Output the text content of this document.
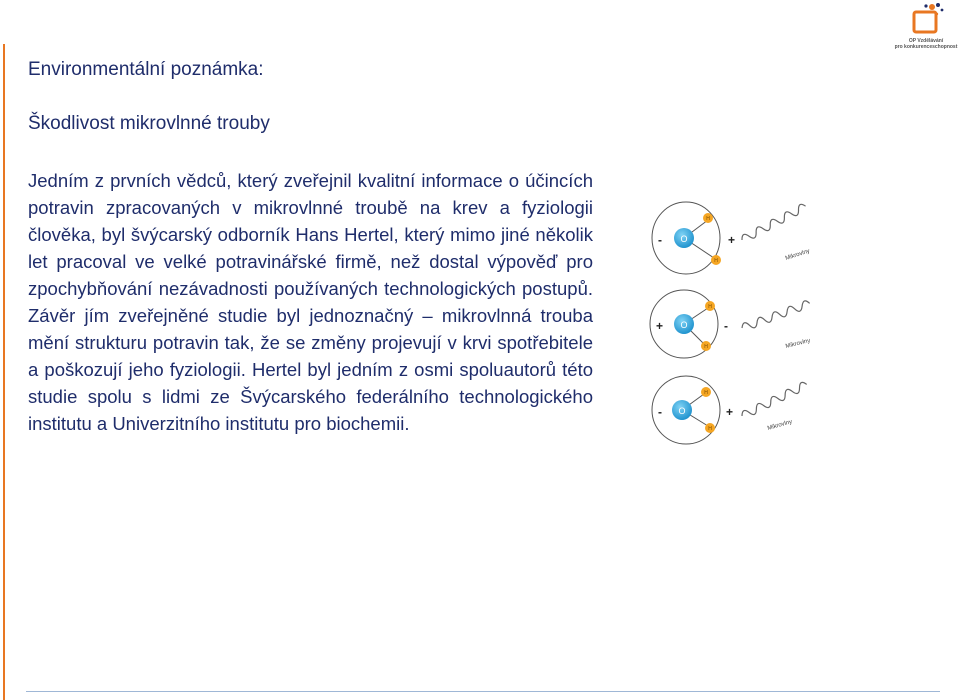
OP Vzdělávání
pro konkurenceschopnost
Environmentální poznámka:
Škodlivost mikrovlnné trouby

Jedním z prvních vědců, který zveřejnil kvalitní informace o účincích potravin zpracovaných v mikrovlnné troubě na krev a fyziologii člověka, byl švýcarský odborník Hans Hertel, který mimo jiné několik let pracoval ve velké potravinářské firmě, než dostal výpověď pro zpochybňování nezávadnosti používaných technologických postupů. Závěr jím zveřejněné studie byl jednoznačný – mikrovlnná trouba mění strukturu potravin tak, že se změny projevují v krvi spotřebitele a poškozují jeho fyziologii. Hertel byl jedním z osmi spoluautorů této studie spolu s lidmi ze Švýcarského federálního technologického institutu a Univerzitního institutu pro biochemii.

O
H
H
-	+
Mikrovlny
O
H
H
+	-
Mikrovlny
O
H
H
-	+
Mikrovlny
